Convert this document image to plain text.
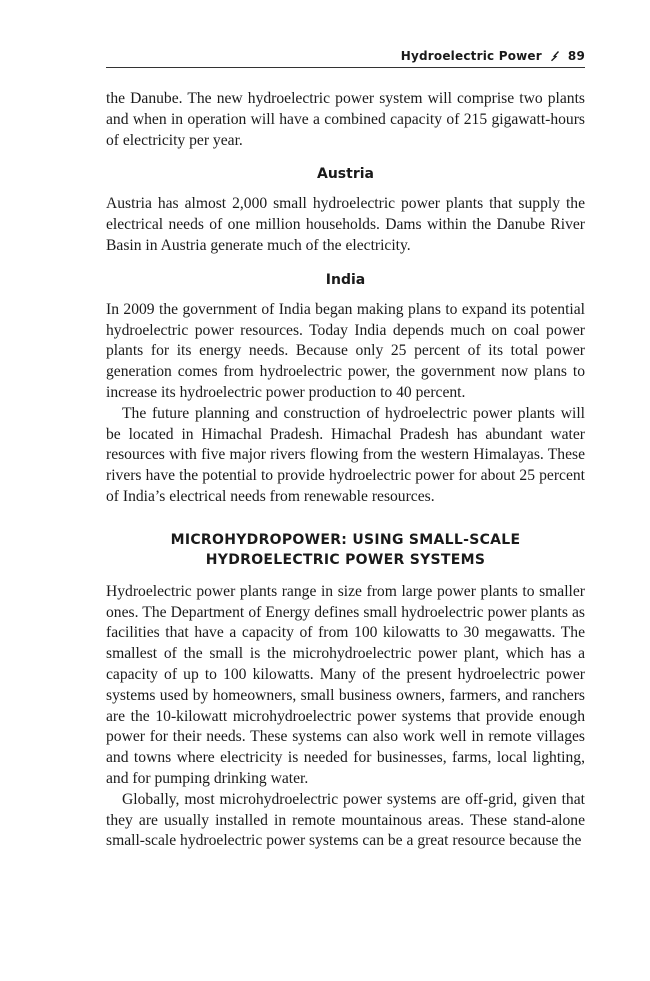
Hydroelectric Power 89

the Danube. The new hydroelectric power system will comprise two plants and when in operation will have a combined capacity of 215 gigawatt-hours of electricity per year.

Austria

Austria has almost 2,000 small hydroelectric power plants that supply the electrical needs of one million households. Dams within the Danube River Basin in Austria generate much of the electricity.

India

In 2009 the government of India began making plans to expand its potential hydroelectric power resources. Today India depends much on coal power plants for its energy needs. Because only 25 percent of its total power generation comes from hydroelectric power, the government now plans to increase its hydroelectric power production to 40 percent.

The future planning and construction of hydroelectric power plants will be located in Himachal Pradesh. Himachal Pradesh has abundant water resources with five major rivers flowing from the western Himalayas. These rivers have the potential to provide hydroelectric power for about 25 percent of India’s electrical needs from renewable resources.

MICROHYDROPOWER: USING SMALL-SCALE
HYDROELECTRIC POWER SYSTEMS

Hydroelectric power plants range in size from large power plants to smaller ones. The Department of Energy defines small hydroelectric power plants as facilities that have a capacity of from 100 kilowatts to 30 megawatts. The smallest of the small is the microhydroelectric power plant, which has a capacity of up to 100 kilowatts. Many of the present hydroelectric power systems used by homeowners, small business owners, farmers, and ranchers are the 10-kilowatt microhydroelectric power systems that provide enough power for their needs. These systems can also work well in remote villages and towns where electricity is needed for businesses, farms, local lighting, and for pumping drinking water.

Globally, most microhydroelectric power systems are off-grid, given that they are usually installed in remote mountainous areas. These stand-alone small-scale hydroelectric power systems can be a great resource because the
